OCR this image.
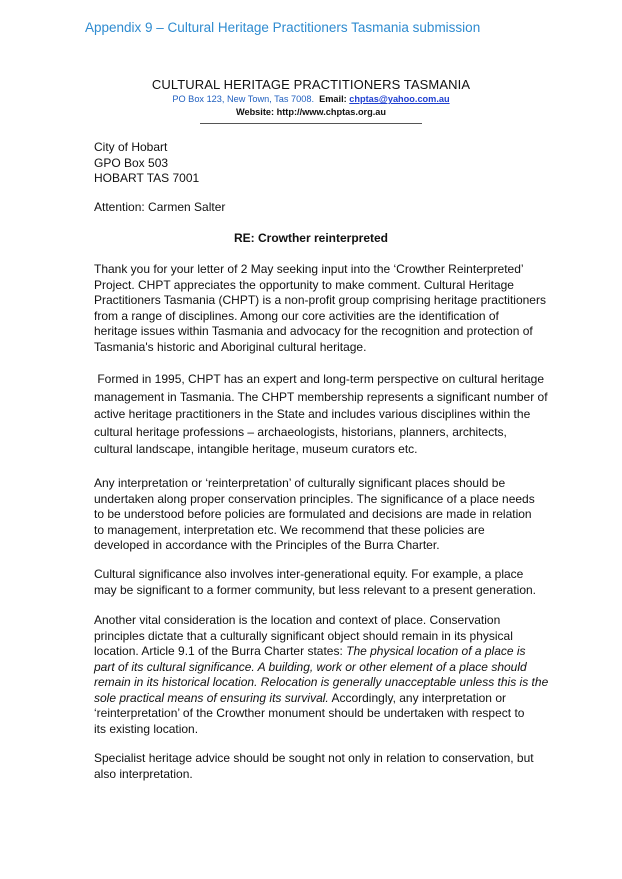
Appendix 9 – Cultural Heritage Practitioners Tasmania submission
CULTURAL HERITAGE PRACTITIONERS TASMANIA
PO Box 123, New Town, Tas 7008.  Email: chptas@yahoo.com.au
Website: http://www.chptas.org.au
City of Hobart
GPO Box 503
HOBART TAS 7001
Attention: Carmen Salter
RE: Crowther reinterpreted
Thank you for your letter of 2 May seeking input into the ‘Crowther Reinterpreted’
Project. CHPT appreciates the opportunity to make comment. Cultural Heritage
Practitioners Tasmania (CHPT) is a non-profit group comprising heritage practitioners
from a range of disciplines. Among our core activities are the identification of
heritage issues within Tasmania and advocacy for the recognition and protection of
Tasmania's historic and Aboriginal cultural heritage.
Formed in 1995, CHPT has an expert and long-term perspective on cultural heritage
management in Tasmania. The CHPT membership represents a significant number of
active heritage practitioners in the State and includes various disciplines within the
cultural heritage professions – archaeologists, historians, planners, architects,
cultural landscape, intangible heritage, museum curators etc.
Any interpretation or ‘reinterpretation’ of culturally significant places should be
undertaken along proper conservation principles. The significance of a place needs
to be understood before policies are formulated and decisions are made in relation
to management, interpretation etc. We recommend that these policies are
developed in accordance with the Principles of the Burra Charter.
Cultural significance also involves inter-generational equity. For example, a place
may be significant to a former community, but less relevant to a present generation.
Another vital consideration is the location and context of place. Conservation
principles dictate that a culturally significant object should remain in its physical
location. Article 9.1 of the Burra Charter states: The physical location of a place is
part of its cultural significance. A building, work or other element of a place should
remain in its historical location. Relocation is generally unacceptable unless this is the
sole practical means of ensuring its survival. Accordingly, any interpretation or
‘reinterpretation’ of the Crowther monument should be undertaken with respect to
its existing location.
Specialist heritage advice should be sought not only in relation to conservation, but
also interpretation.
